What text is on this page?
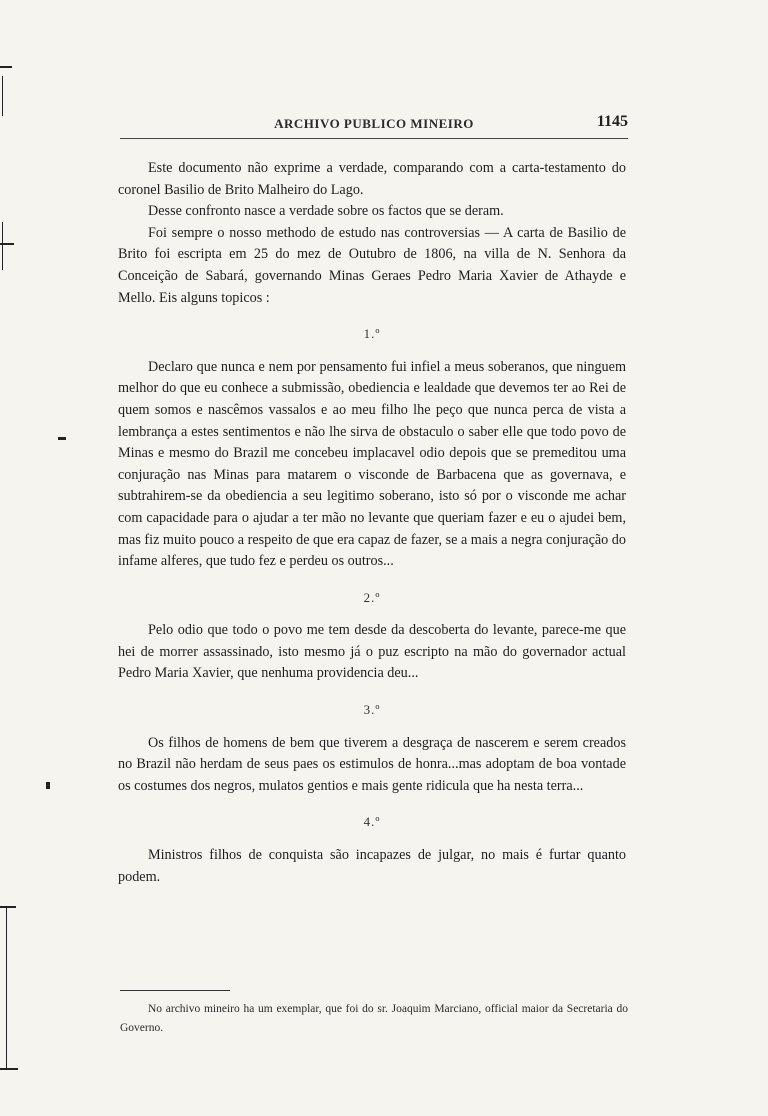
ARCHIVO PUBLICO MINEIRO	1145

Este documento não exprime a verdade, comparando com a carta-testamento do coronel Basilio de Brito Malheiro do Lago.

Desse confronto nasce a verdade sobre os factos que se deram.

Foi sempre o nosso methodo de estudo nas controversias — A carta de Basilio de Brito foi escripta em 25 do mez de Outubro de 1806, na villa de N. Senhora da Conceição de Sabará, governando Minas Geraes Pedro Maria Xavier de Athayde e Mello. Eis alguns topicos :

1.º

Declaro que nunca e nem por pensamento fui infiel a meus soberanos, que ninguem melhor do que eu conhece a submissão, obediencia e lealdade que devemos ter ao Rei de quem somos e nascêmos vassalos e ao meu filho lhe peço que nunca perca de vista a lembrança a estes sentimentos e não lhe sirva de obstaculo o saber elle que todo povo de Minas e mesmo do Brazil me concebeu implacavel odio depois que se premeditou uma conjuração nas Minas para matarem o visconde de Barbacena que as governava, e subtrahirem-se da obediencia a seu legitimo soberano, isto só por o visconde me achar com capacidade para o ajudar a ter mão no levante que queriam fazer e eu o ajudei bem, mas fiz muito pouco a respeito de que era capaz de fazer, se a mais a negra conjuração do infame alferes, que tudo fez e perdeu os outros...

2.º

Pelo odio que todo o povo me tem desde da descoberta do levante, parece-me que hei de morrer assassinado, isto mesmo já o puz escripto na mão do governador actual Pedro Maria Xavier, que nenhuma providencia deu...

3.º

Os filhos de homens de bem que tiverem a desgraça de nascerem e serem creados no Brazil não herdam de seus paes os estimulos de honra...mas adoptam de boa vontade os costumes dos negros, mulatos gentios e mais gente ridicula que ha nesta terra...

4.º

Ministros filhos de conquista são incapazes de julgar, no mais é furtar quanto podem.

No archivo mineiro ha um exemplar, que foi do sr. Joaquim Marciano, official maior da Secretaria do Governo.
